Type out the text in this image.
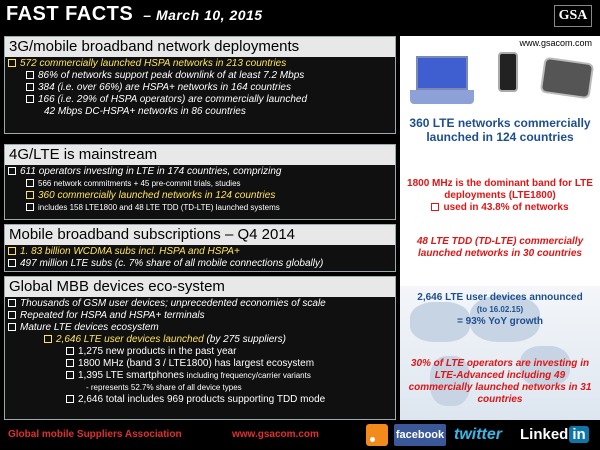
FAST FACTS – March 10, 2015	GSA
3G/mobile broadband network deployments
572 commercially launched HSPA networks in 213 countries
86% of networks support peak downlink of at least 7.2 Mbps
384 (i.e. over 66%) are HSPA+ networks in 164 countries
166 (i.e. 29% of HSPA operators) are commercially launched
42 Mbps DC-HSPA+ networks in 86 countries
4G/LTE is mainstream
611 operators investing in LTE in 174 countries, comprizing
566 network commitments + 45 pre-commit trials, studies
360 commercially launched networks in 124 countries
includes 158 LTE1800 and 48 LTE TDD (TD-LTE) launched systems
Mobile broadband subscriptions – Q4 2014
1. 83 billion WCDMA subs incl. HSPA and HSPA+
497 million LTE subs (c. 7% share of all mobile connections globally)
Global MBB devices eco-system
Thousands of GSM user devices; unprecedented economies of scale
Repeated for HSPA and HSPA+ terminals
Mature LTE devices ecosystem
2,646 LTE user devices launched (by 275 suppliers)
1,275 new products in the past year
1800 MHz (band 3 / LTE1800) has largest ecosystem
1,395 LTE smartphones including frequency/carrier variants
- represents 52.7% share of all device types
2,646 total includes 969 products supporting TDD mode
www.gsacom.com
360 LTE networks commercially launched in 124 countries
1800 MHz is the dominant band for LTE deployments (LTE1800)
used in 43.8% of networks
48 LTE TDD (TD-LTE) commercially launched networks in 30 countries
2,646 LTE user devices announced
(to 16.02.15)
= 93% YoY growth
30% of LTE operators are investing in LTE-Advanced including 49 commercially launched networks in 31 countries
Global mobile Suppliers Association	www.gsacom.com	facebook twitter	Linked in
